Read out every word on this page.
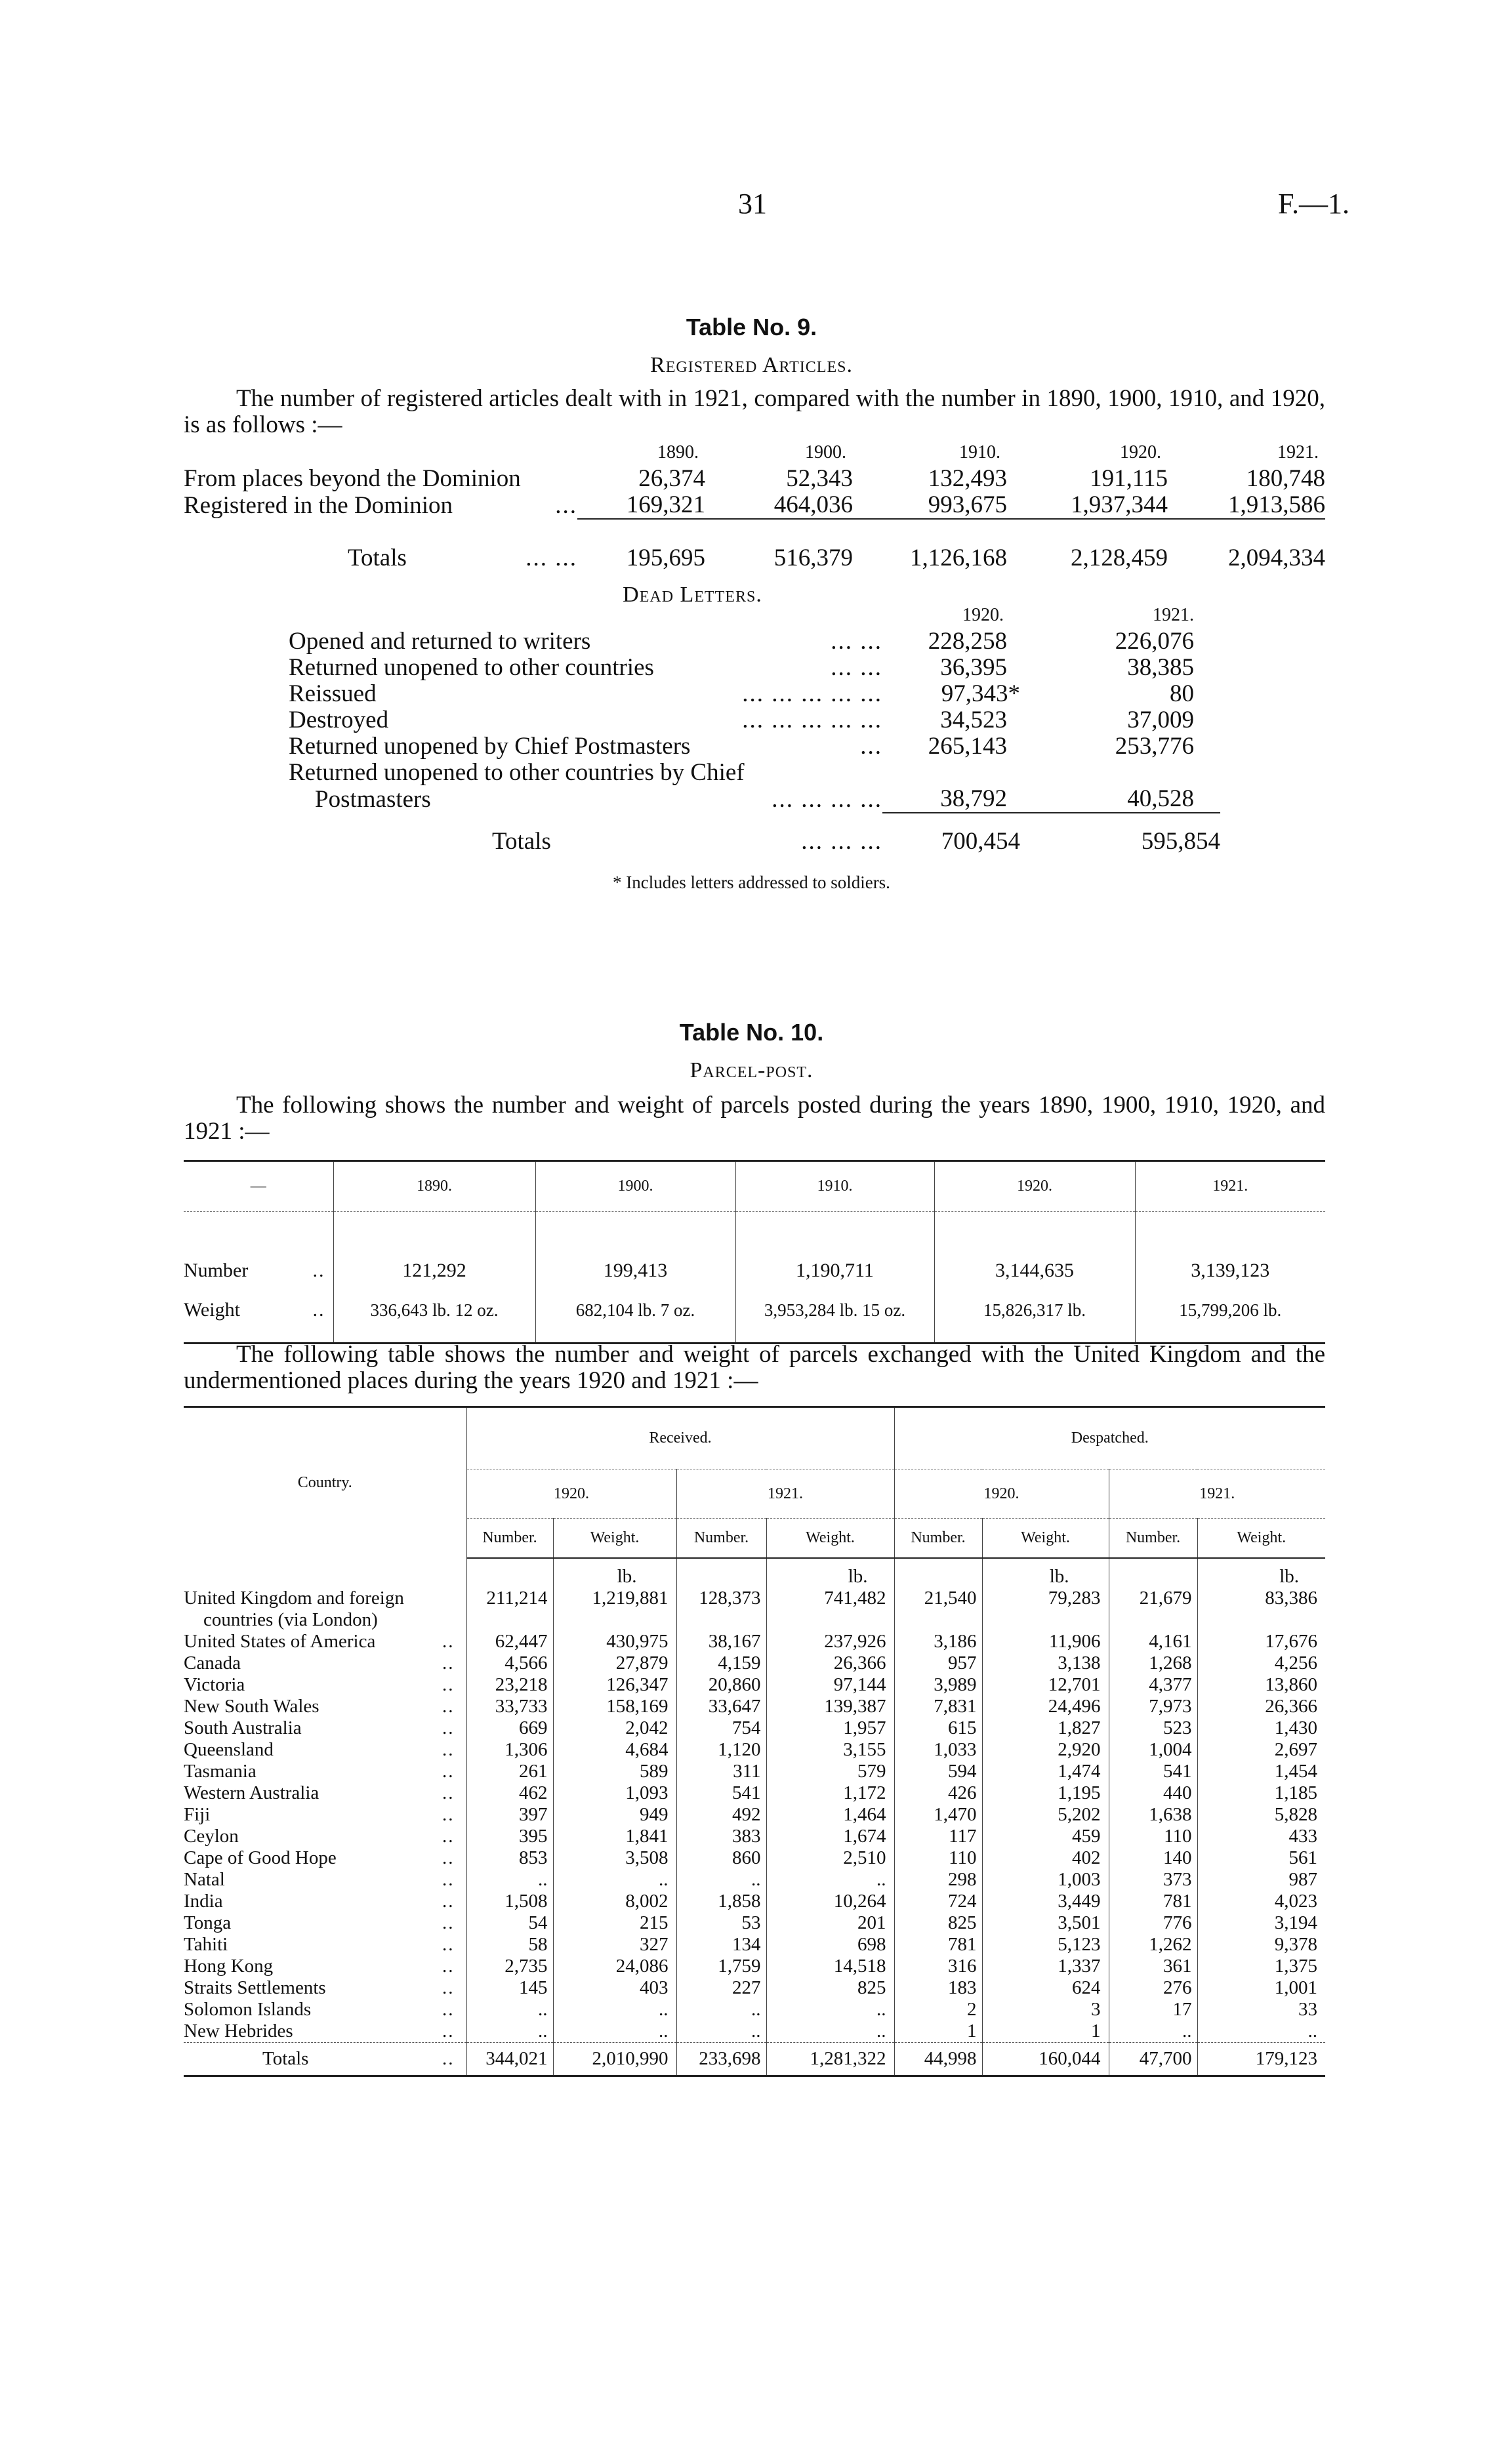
31	F.—1.
Table No. 9.
Registered Articles.
The number of registered articles dealt with in 1921, compared with the number in 1890, 1900, 1910, and 1920, is as follows :—
	1890.	1900.	1910.	1920.	1921.
From places beyond the Dominion	26,374	52,343	132,493	191,115	180,748
Registered in the Dominion ...	169,321	464,036	993,675	1,937,344	1,913,586

Totals ... ...	195,695	516,379	1,126,168	2,128,459	2,094,334
Dead Letters.
	1920.	1921.
Opened and returned to writers ... ...	228,258	226,076
Returned unopened to other countries ... ...	36,395	38,385
Reissued ... ... ... ... ...	97,343*	80
Destroyed ... ... ... ... ...	34,523	37,009
Returned unopened by Chief Postmasters ...	265,143	253,776
Returned unopened to other countries by Chief

Postmasters ... ... ... ...	38,792	40,528

Totals ... ... ...	700,454	595,854
* Includes letters addressed to soldiers.
Table No. 10.
Parcel-post.
The following shows the number and weight of parcels posted during the years 1890, 1900, 1910, 1920, and 1921 :—
—	1890.	1900.	1910.	1920.	1921.

Number ..	121,292	199,413	1,190,711	3,144,635	3,139,123
Weight ..	336,643 lb. 12 oz.	682,104 lb. 7 oz.	3,953,284 lb. 15 oz.	15,826,317 lb.	15,799,206 lb.

The following table shows the number and weight of parcels exchanged with the United Kingdom and the undermentioned places during the years 1920 and 1921 :—
Country.	Received.				Despatched.			
	1920.		1921.		1920.		1921.	
	Number.	Weight.	Number.	Weight.	Number.	Weight.	Number.	Weight.
		lb.		lb.		lb.		lb.
United Kingdom and foreign	211,214	1,219,881	128,373	741,482	21,540	79,283	21,679	83,386
countries (via London)								
United States of America ..	62,447	430,975	38,167	237,926	3,186	11,906	4,161	17,676
Canada ..	4,566	27,879	4,159	26,366	957	3,138	1,268	4,256
Victoria ..	23,218	126,347	20,860	97,144	3,989	12,701	4,377	13,860
New South Wales ..	33,733	158,169	33,647	139,387	7,831	24,496	7,973	26,366
South Australia ..	669	2,042	754	1,957	615	1,827	523	1,430
Queensland ..	1,306	4,684	1,120	3,155	1,033	2,920	1,004	2,697
Tasmania ..	261	589	311	579	594	1,474	541	1,454
Western Australia ..	462	1,093	541	1,172	426	1,195	440	1,185
Fiji ..	397	949	492	1,464	1,470	5,202	1,638	5,828
Ceylon ..	395	1,841	383	1,674	117	459	110	433
Cape of Good Hope ..	853	3,508	860	2,510	110	402	140	561
Natal ..	..	..	..	..	298	1,003	373	987
India ..	1,508	8,002	1,858	10,264	724	3,449	781	4,023
Tonga ..	54	215	53	201	825	3,501	776	3,194
Tahiti ..	58	327	134	698	781	5,123	1,262	9,378
Hong Kong ..	2,735	24,086	1,759	14,518	316	1,337	361	1,375
Straits Settlements ..	145	403	227	825	183	624	276	1,001
Solomon Islands ..	..	..	..	..	2	3	17	33
New Hebrides ..	..	..	..	..	1	1	..	..
Totals ..	344,021	2,010,990	233,698	1,281,322	44,998	160,044	47,700	179,123
